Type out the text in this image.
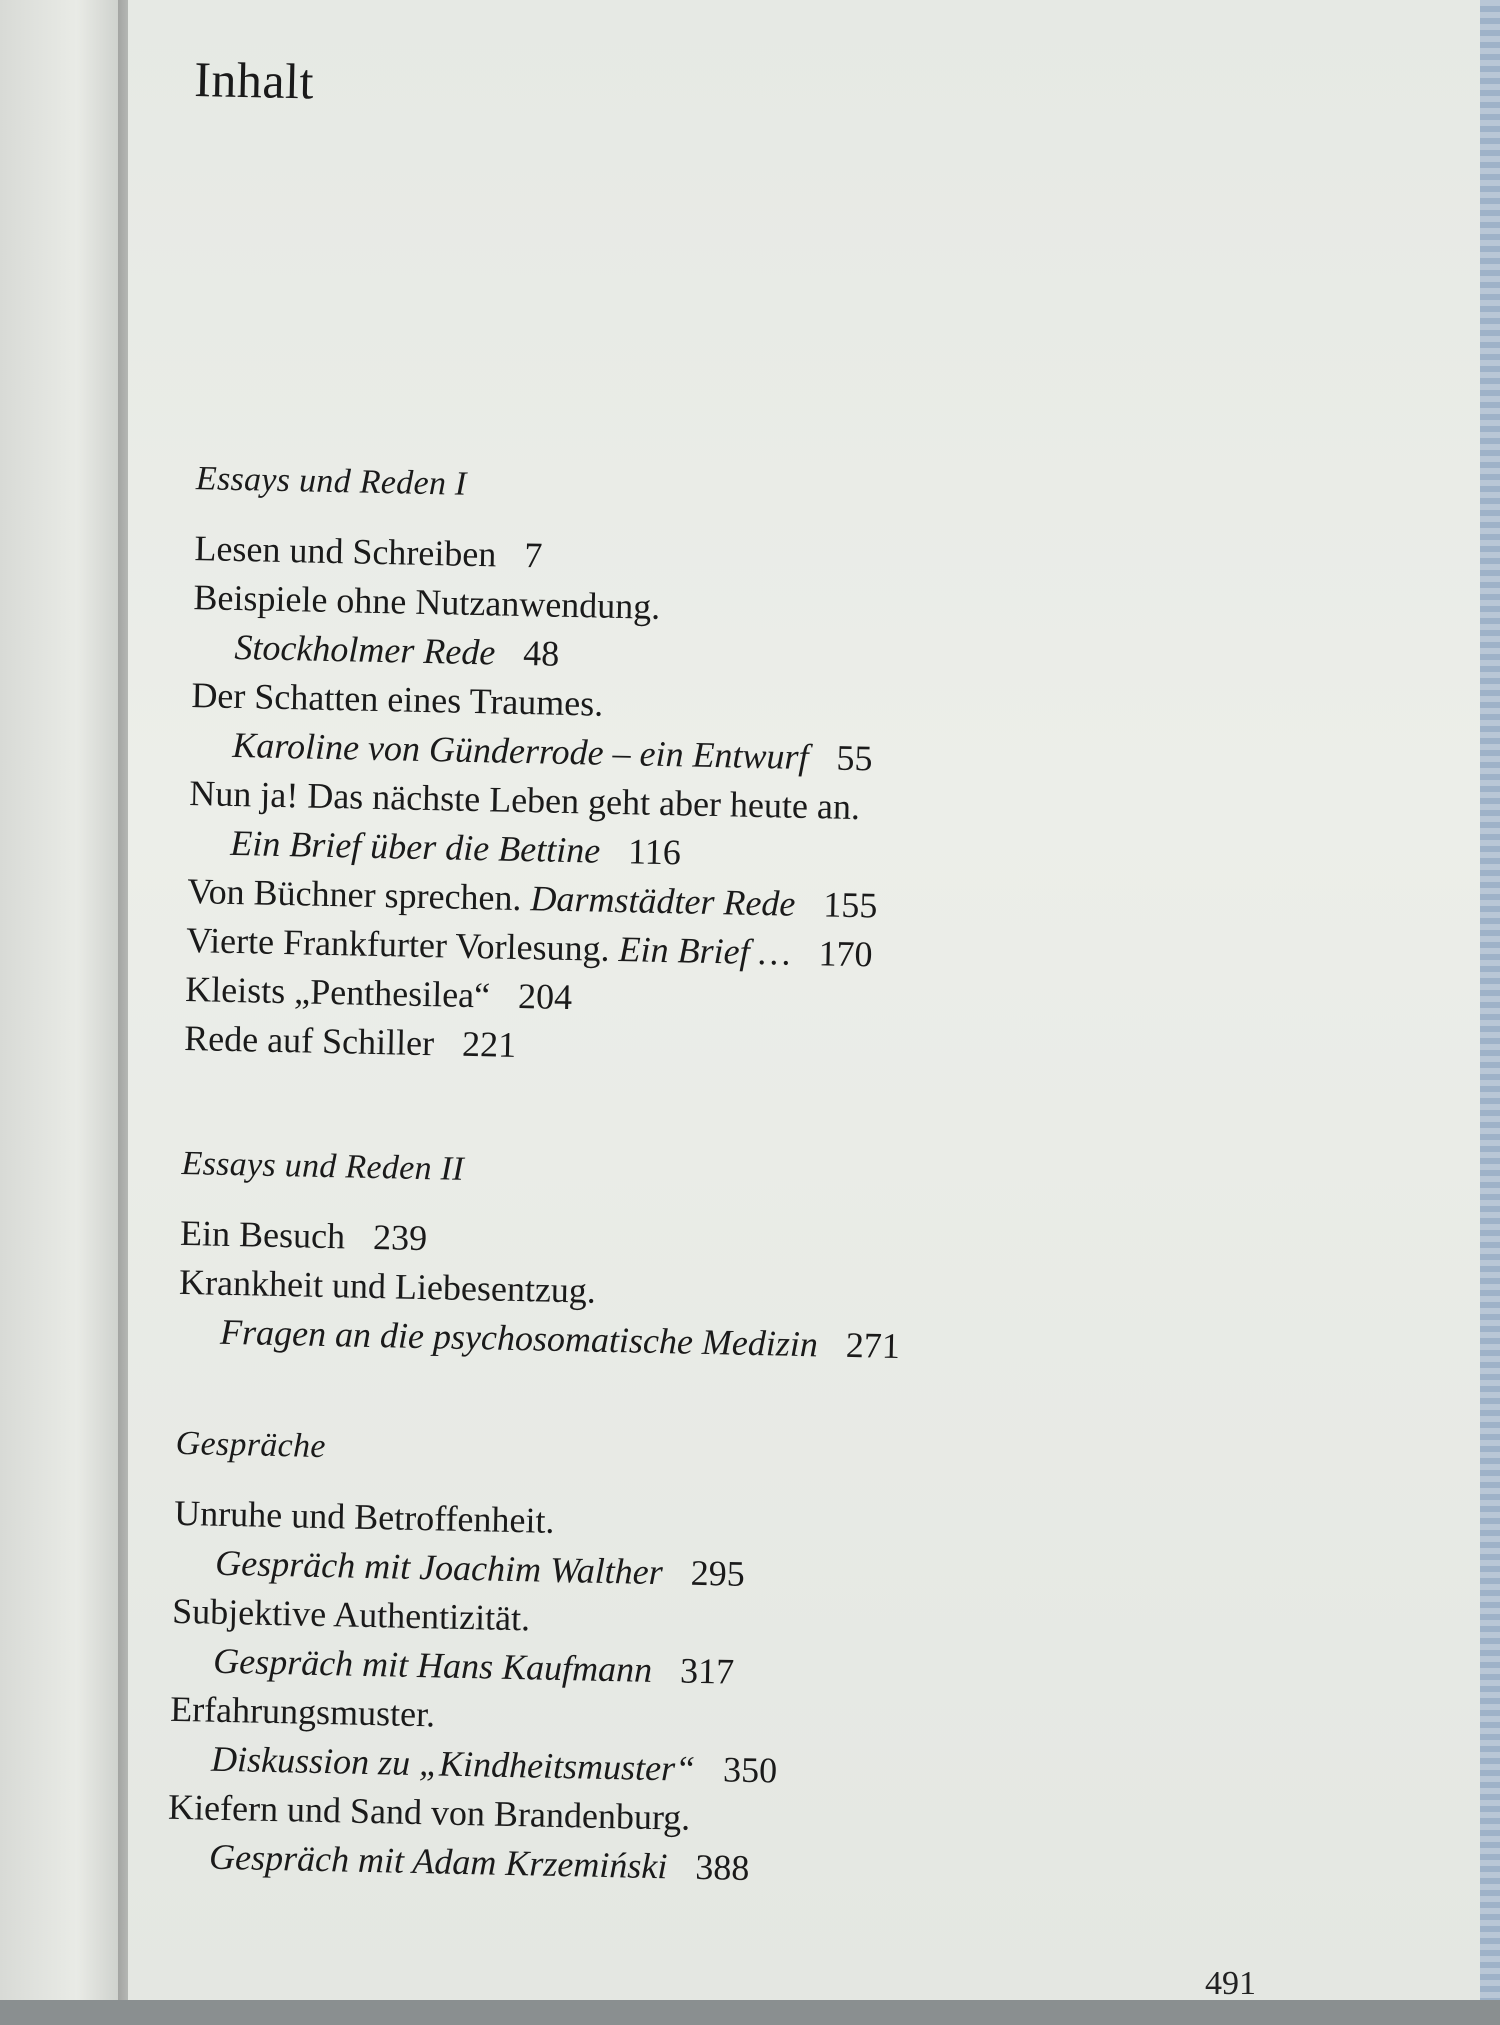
Inhalt
Essays und Reden I
Lesen und Schreiben 7
Beispiele ohne Nutzanwendung.
Stockholmer Rede 48
Der Schatten eines Traumes.
Karoline von Günderrode – ein Entwurf 55
Nun ja! Das nächste Leben geht aber heute an.
Ein Brief über die Bettine 116
Von Büchner sprechen. Darmstädter Rede 155
Vierte Frankfurter Vorlesung. Ein Brief … 170
Kleists „Penthesilea“ 204
Rede auf Schiller 221
Essays und Reden II
Ein Besuch 239
Krankheit und Liebesentzug.
Fragen an die psychosomatische Medizin 271
Gespräche
Unruhe und Betroffenheit.
Gespräch mit Joachim Walther 295
Subjektive Authentizität.
Gespräch mit Hans Kaufmann 317
Erfahrungsmuster.
Diskussion zu „Kindheitsmuster“ 350
Kiefern und Sand von Brandenburg.
Gespräch mit Adam Krzemiński 388
491
